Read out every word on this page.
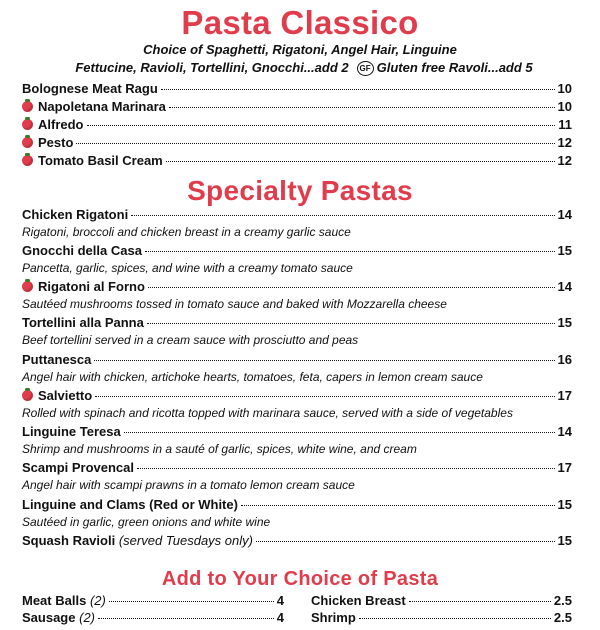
Pasta Classico
Choice of Spaghetti, Rigatoni, Angel Hair, Linguine
Fettucine, Ravioli, Tortellini, Gnocchi...add 2 GF Gluten free Ravoli...add 5
Bolognese Meat Ragu	10
Napoletana Marinara	10
Alfredo	11
Pesto	12
Tomato Basil Cream	12
Specialty Pastas
Chicken Rigatoni	14
Rigatoni, broccoli and chicken breast in a creamy garlic sauce
Gnocchi della Casa	15
Pancetta, garlic, spices, and wine with a creamy tomato sauce
Rigatoni al Forno	14
Sautéed mushrooms tossed in tomato sauce and baked with Mozzarella cheese
Tortellini alla Panna	15
Beef tortellini served in a cream sauce with prosciutto and peas
Puttanesca	16
Angel hair with chicken, artichoke hearts, tomatoes, feta, capers in lemon cream sauce
Salvietto	17
Rolled with spinach and ricotta topped with marinara sauce, served with a side of vegetables
Linguine Teresa	14
Shrimp and mushrooms in a sauté of garlic, spices, white wine, and cream
Scampi Provencal	17
Angel hair with scampi prawns in a tomato lemon cream sauce
Linguine and Clams (Red or White)	15
Sautéed in garlic, green onions and white wine
Squash Ravioli (served Tuesdays only)	15
Add to Your Choice of Pasta
Meat Balls (2)	4
Sausage (2)	4
Chicken Breast	2.5
Shrimp	2.5
